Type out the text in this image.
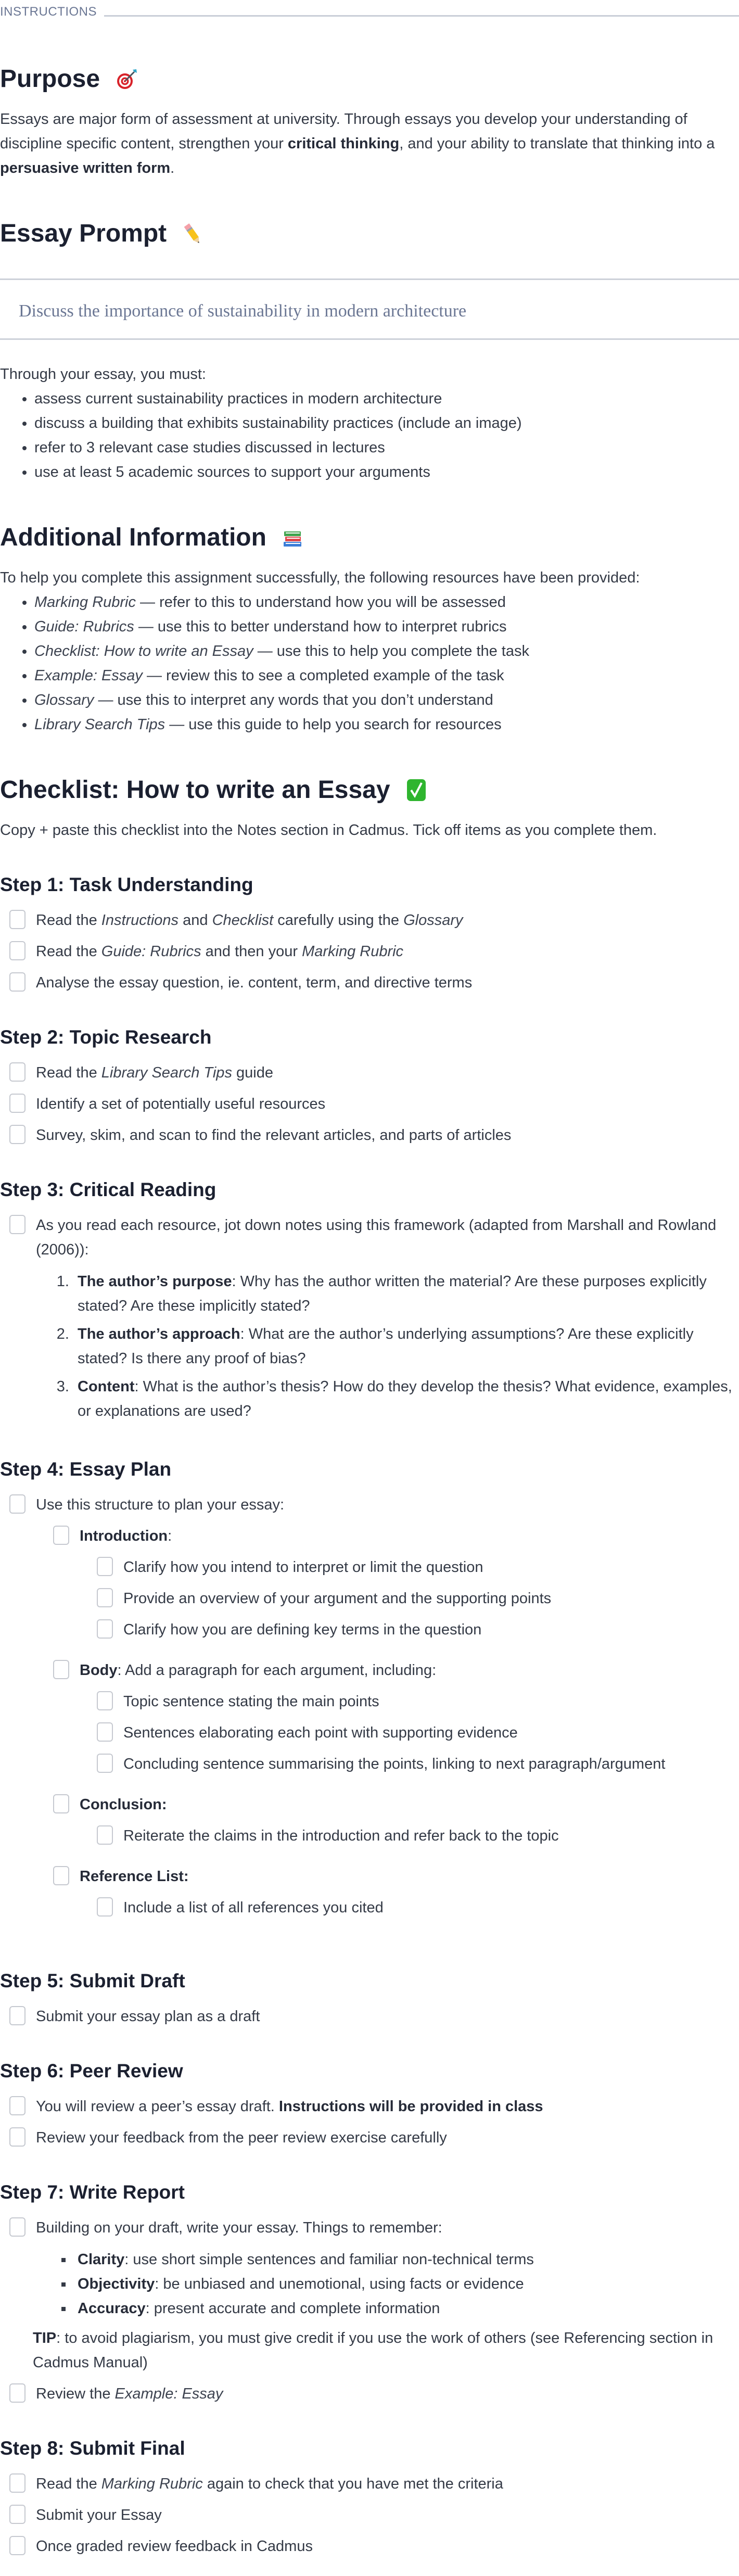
INSTRUCTIONS
Purpose

Essays are major form of assessment at university. Through essays you develop your understanding of discipline specific content, strengthen your critical thinking, and your ability to translate that thinking into a persuasive written form.

Essay Prompt
Discuss the importance of sustainability in modern architecture

Through your essay, you must:

• assess current sustainability practices in modern architecture
• discuss a building that exhibits sustainability practices (include an image)
• refer to 3 relevant case studies discussed in lectures
• use at least 5 academic sources to support your arguments
Additional Information

To help you complete this assignment successfully, the following resources have been provided:

• Marking Rubric — refer to this to understand how you will be assessed
• Guide: Rubrics — use this to better understand how to interpret rubrics
• Checklist: How to write an Essay — use this to help you complete the task
• Example: Essay — review this to see a completed example of the task
• Glossary — use this to interpret any words that you don’t understand
• Library Search Tips — use this guide to help you search for resources
Checklist: How to write an Essay

Copy + paste this checklist into the Notes section in Cadmus. Tick off items as you complete them.

Step 1: Task Understanding
Read the Instructions and Checklist carefully using the Glossary
Read the Guide: Rubrics and then your Marking Rubric
Analyse the essay question, ie. content, term, and directive terms
Step 2: Topic Research
Read the Library Search Tips guide
Identify a set of potentially useful resources
Survey, skim, and scan to find the relevant articles, and parts of articles
Step 3: Critical Reading
As you read each resource, jot down notes using this framework (adapted from Marshall and Rowland (2006)):
1. The author’s purpose: Why has the author written the material? Are these purposes explicitly stated? Are these implicitly stated?
2. The author’s approach: What are the author’s underlying assumptions? Are these explicitly stated? Is there any proof of bias?
3. Content: What is the author’s thesis? How do they develop the thesis? What evidence, examples, or explanations are used?
Step 4: Essay Plan
Use this structure to plan your essay:
Introduction:
Clarify how you intend to interpret or limit the question
Provide an overview of your argument and the supporting points
Clarify how you are defining key terms in the question
Body: Add a paragraph for each argument, including:
Topic sentence stating the main points
Sentences elaborating each point with supporting evidence
Concluding sentence summarising the points, linking to next paragraph/argument
Conclusion:
Reiterate the claims in the introduction and refer back to the topic
Reference List:
Include a list of all references you cited
Step 5: Submit Draft
Submit your essay plan as a draft
Step 6: Peer Review
You will review a peer’s essay draft. Instructions will be provided in class
Review your feedback from the peer review exercise carefully
Step 7: Write Report
Building on your draft, write your essay. Things to remember:
▪ Clarity: use short simple sentences and familiar non-technical terms
▪ Objectivity: be unbiased and unemotional, using facts or evidence
▪ Accuracy: present accurate and complete information

TIP: to avoid plagiarism, you must give credit if you use the work of others (see Referencing section in Cadmus Manual)

Review the Example: Essay
Step 8: Submit Final
Read the Marking Rubric again to check that you have met the criteria
Submit your Essay
Once graded review feedback in Cadmus
